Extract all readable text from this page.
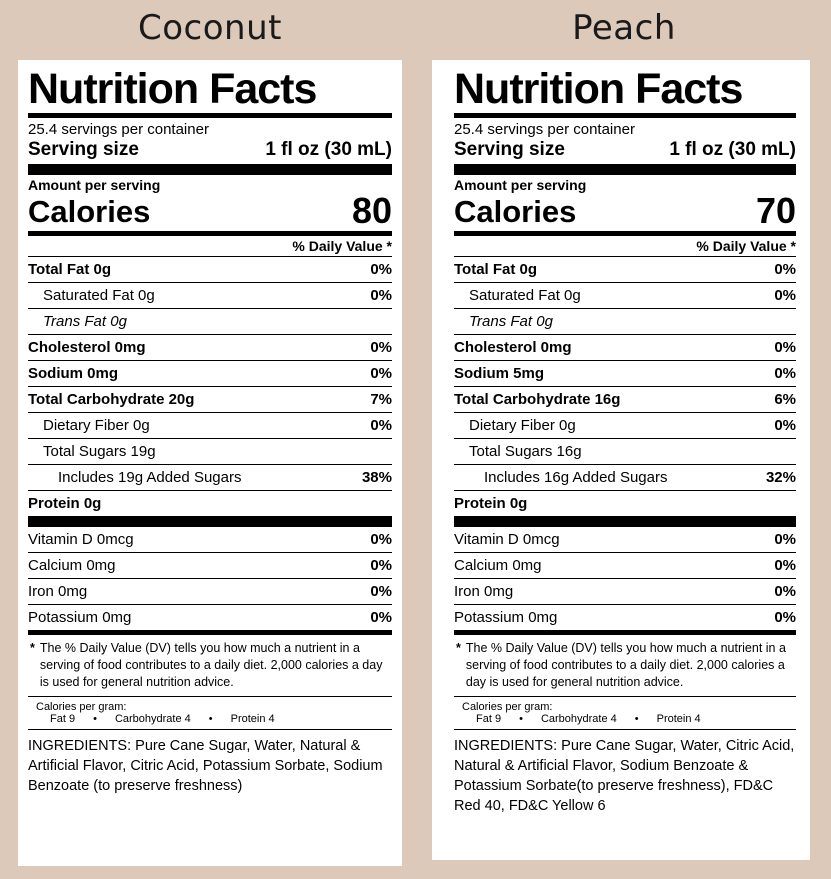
Coconut
Nutrition Facts
25.4 servings per container
Serving size	1 fl oz (30 mL)
Amount per serving
Calories	80
% Daily Value *
Total Fat 0g	0%
Saturated Fat 0g	0%
Trans Fat 0g
Cholesterol 0mg	0%
Sodium 0mg	0%
Total Carbohydrate 20g	7%
Dietary Fiber 0g	0%
Total Sugars 19g
Includes 19g Added Sugars	38%
Protein 0g
Vitamin D 0mcg	0%
Calcium 0mg	0%
Iron 0mg	0%
Potassium 0mg	0%
* The % Daily Value (DV) tells you how much a nutrient in a serving of food contributes to a daily diet. 2,000 calories a day is used for general nutrition advice.
Calories per gram:
Fat 9 • Carbohydrate 4 • Protein 4
INGREDIENTS: Pure Cane Sugar, Water, Natural & Artificial Flavor, Citric Acid, Potassium Sorbate, Sodium Benzoate (to preserve freshness)
Peach
Nutrition Facts
25.4 servings per container
Serving size	1 fl oz (30 mL)
Amount per serving
Calories	70
% Daily Value *
Total Fat 0g	0%
Saturated Fat 0g	0%
Trans Fat 0g
Cholesterol 0mg	0%
Sodium 5mg	0%
Total Carbohydrate 16g	6%
Dietary Fiber 0g	0%
Total Sugars 16g
Includes 16g Added Sugars	32%
Protein 0g
Vitamin D 0mcg	0%
Calcium 0mg	0%
Iron 0mg	0%
Potassium 0mg	0%
* The % Daily Value (DV) tells you how much a nutrient in a serving of food contributes to a daily diet. 2,000 calories a day is used for general nutrition advice.
Calories per gram:
Fat 9 • Carbohydrate 4 • Protein 4
INGREDIENTS: Pure Cane Sugar, Water, Citric Acid, Natural & Artificial Flavor, Sodium Benzoate & Potassium Sorbate(to preserve freshness), FD&C Red 40, FD&C Yellow 6
